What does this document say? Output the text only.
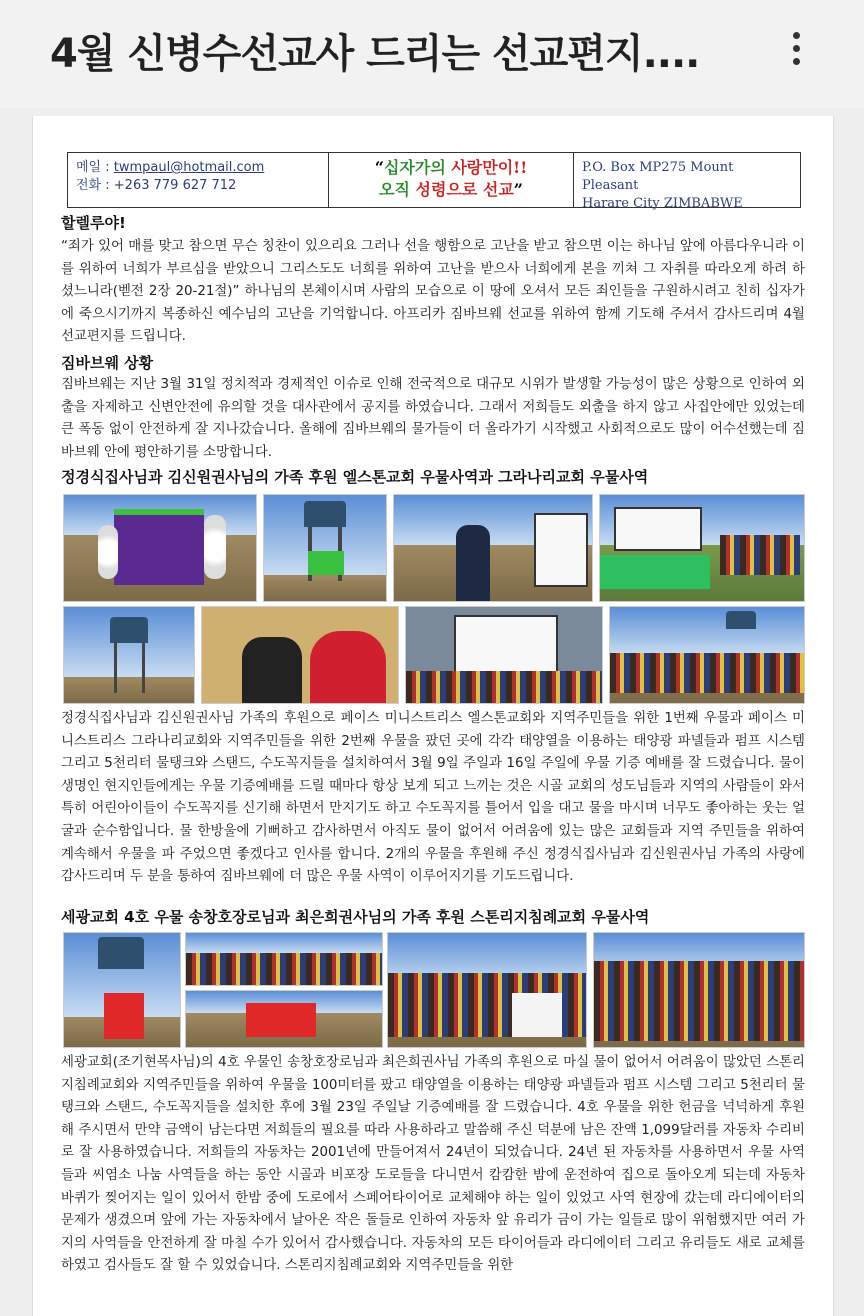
4월 신병수선교사 드리는 선교편지....
메일 : twmpaul@hotmail.com
전화 : +263 779 627 712
“십자가의 사랑만이!!
오직 성령으로 선교”
P.O. Box MP275 Mount Pleasant
Harare City ZIMBABWE
할렐루야!
“죄가 있어 매를 맞고 참으면 무슨 칭찬이 있으리요 그러나 선을 행함으로 고난을 받고 참으면 이는 하나님 앞에 아름다우니라 이를 위하여 너희가 부르심을 받았으니 그리스도도 너희를 위하여 고난을 받으사 너희에게 본을 끼쳐 그 자취를 따라오게 하려 하셨느니라(벧전 2장 20-21절)” 하나님의 본체이시며 사람의 모습으로 이 땅에 오셔서 모든 죄인들을 구원하시려고 친히 십자가에 죽으시기까지 복종하신 예수님의 고난을 기억합니다. 아프리카 짐바브웨 선교를 위하여 함께 기도해 주셔서 감사드리며 4월 선교편지를 드립니다.
짐바브웨 상황
짐바브웨는 지난 3월 31일 정치적과 경제적인 이슈로 인해 전국적으로 대규모 시위가 발생할 가능성이 많은 상황으로 인하여 외출을 자제하고 신변안전에 유의할 것을 대사관에서 공지를 하였습니다. 그래서 저희들도 외출을 하지 않고 사집안에만 있었는데 큰 폭동 없이 안전하게 잘 지나갔습니다. 올해에 짐바브웨의 물가들이 더 올라가기 시작했고 사회적으로도 많이 어수선했는데 짐바브웨 안에 평안하기를 소망합니다.
정경식집사님과 김신원권사님의 가족 후원 엘스톤교회 우물사역과 그라나리교회 우물사역
정경식집사님과 김신원권사님 가족의 후원으로 페이스 미니스트리스 엘스톤교회와 지역주민들을 위한 1번째 우물과 페이스 미니스트리스 그라나리교회와 지역주민들을 위한 2번째 우물을 팠던 곳에 각각 태양열을 이용하는 태양광 파넬들과 펌프 시스템 그리고 5천리터 물탱크와 스탠드, 수도꼭지들을 설치하여서 3월 9일 주일과 16일 주일에 우물 기증 예배를 잘 드렸습니다. 물이 생명인 현지인들에게는 우물 기증예배를 드릴 때마다 항상 보게 되고 느끼는 것은 시골 교회의 성도님들과 지역의 사람들이 와서 특히 어린아이들이 수도꼭지를 신기해 하면서 만지기도 하고 수도꼭지를 틀어서 입을 대고 물을 마시며 너무도 좋아하는 웃는 얼굴과 순수함입니다. 물 한방울에 기뻐하고 감사하면서 아직도 물이 없어서 어려움에 있는 많은 교회들과 지역 주민들을 위하여 계속해서 우물을 파 주었으면 좋겠다고 인사를 합니다. 2개의 우물을 후원해 주신 정경식집사님과 김신원권사님 가족의 사랑에 감사드리며 두 분을 통하여 짐바브웨에 더 많은 우물 사역이 이루어지기를 기도드립니다.
세광교회 4호 우물 송창호장로님과 최은희권사님의 가족 후원 스톤리지침례교회 우물사역
세광교회(조기현목사님)의 4호 우물인 송창호장로님과 최은희권사님 가족의 후원으로 마실 물이 없어서 어려움이 많았던 스톤리지침례교회와 지역주민들을 위하여 우물을 100미터를 팠고 태양열을 이용하는 태양광 파넬들과 펌프 시스템 그리고 5천리터 물탱크와 스탠드, 수도꼭지들을 설치한 후에 3월 23일 주일날 기증예배를 잘 드렸습니다. 4호 우물을 위한 헌금을 넉넉하게 후원해 주시면서 만약 금액이 남는다면 저희들의 필요를 따라 사용하라고 말씀해 주신 덕분에 남은 잔액 1,099달러를 자동차 수리비로 잘 사용하였습니다. 저희들의 자동차는 2001년에 만들어져서 24년이 되었습니다. 24년 된 자동차를 사용하면서 우물 사역들과 씨염소 나눔 사역들을 하는 동안 시골과 비포장 도로들을 다니면서 캄캄한 밤에 운전하여 집으로 돌아오게 되는데 자동차 바퀴가 찢어지는 일이 있어서 한밤 중에 도로에서 스페어타이어로 교체해야 하는 일이 있었고 사역 현장에 갔는데 라디에이터의 문제가 생겼으며 앞에 가는 자동차에서 날아온 작은 돌들로 인하여 자동차 앞 유리가 금이 가는 일들로 많이 위험했지만 여러 가지의 사역들을 안전하게 잘 마칠 수가 있어서 감사했습니다. 자동차의 모든 타이어들과 라디에이터 그리고 유리들도 새로 교체를 하였고 검사들도 잘 할 수 있었습니다. 스톤리지침례교회와 지역주민들을 위한
